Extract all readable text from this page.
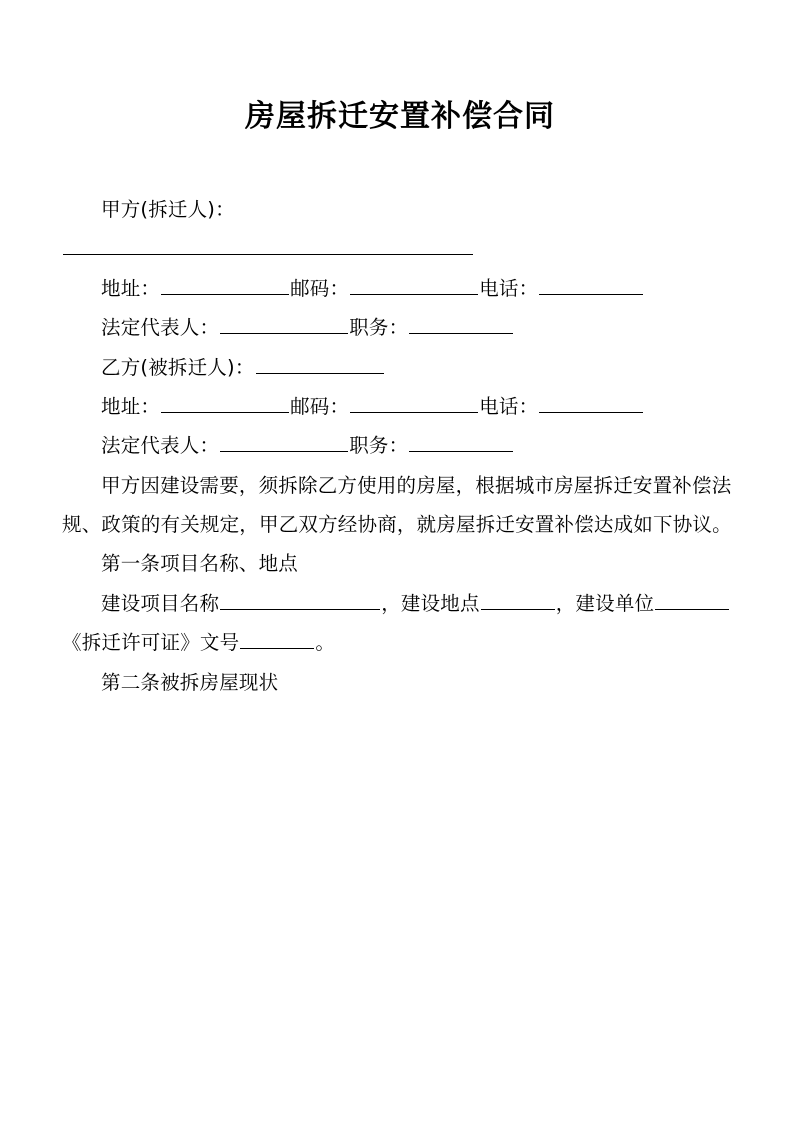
房屋拆迁安置补偿合同
甲方(拆迁人)：
地址：	邮码：	电话：
法定代表人：	职务：
乙方(被拆迁人)：
地址：	邮码：	电话：
法定代表人：	职务：
甲方因建设需要，须拆除乙方使用的房屋，根据城市房屋拆迁安置补偿法规、政策的有关规定，甲乙双方经协商，就房屋拆迁安置补偿达成如下协议。
第一条项目名称、地点
建设项目名称	，建设地点	，建设单位《拆迁许可证》文号	。
第二条被拆房屋现状
